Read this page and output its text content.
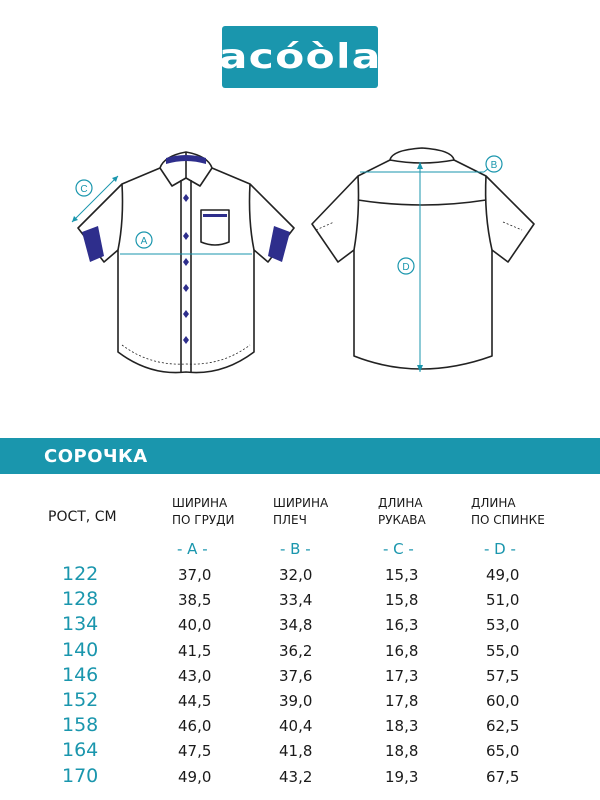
acóòla
C
A
B
D
СОРОЧКА
РОСТ, СМ
ШИРИНА
ПО ГРУДИ
ШИРИНА
ПЛЕЧ
ДЛИНА
РУКАВА
ДЛИНА
ПО СПИНКЕ
- A -	- B -	- C -	- D -
122	37,0	32,0	15,3	49,0
128	38,5	33,4	15,8	51,0
134	40,0	34,8	16,3	53,0
140	41,5	36,2	16,8	55,0
146	43,0	37,6	17,3	57,5
152	44,5	39,0	17,8	60,0
158	46,0	40,4	18,3	62,5
164	47,5	41,8	18,8	65,0
170	49,0	43,2	19,3	67,5
